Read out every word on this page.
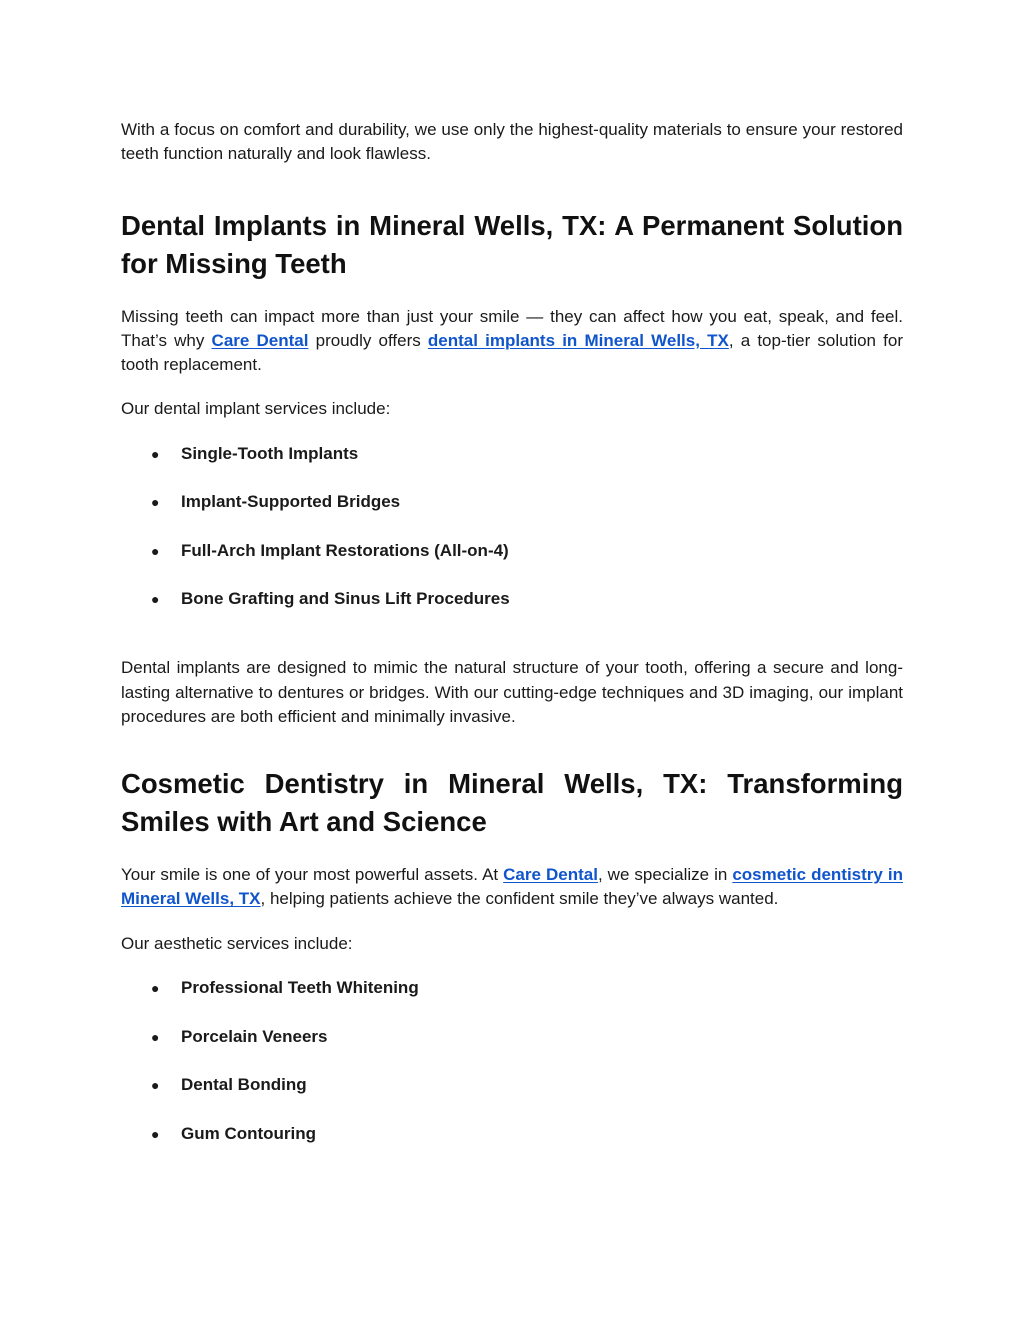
With a focus on comfort and durability, we use only the highest-quality materials to ensure your restored teeth function naturally and look flawless.

Dental Implants in Mineral Wells, TX: A Permanent Solution for Missing Teeth

Missing teeth can impact more than just your smile — they can affect how you eat, speak, and feel. That’s why Care Dental proudly offers dental implants in Mineral Wells, TX, a top-tier solution for tooth replacement.

Our dental implant services include:

● Single-Tooth Implants
● Implant-Supported Bridges
● Full-Arch Implant Restorations (All-on-4)
● Bone Grafting and Sinus Lift Procedures

Dental implants are designed to mimic the natural structure of your tooth, offering a secure and long-lasting alternative to dentures or bridges. With our cutting-edge techniques and 3D imaging, our implant procedures are both efficient and minimally invasive.

Cosmetic Dentistry in Mineral Wells, TX: Transforming Smiles with Art and Science

Your smile is one of your most powerful assets. At Care Dental, we specialize in cosmetic dentistry in Mineral Wells, TX, helping patients achieve the confident smile they’ve always wanted.

Our aesthetic services include:

● Professional Teeth Whitening
● Porcelain Veneers
● Dental Bonding
● Gum Contouring
